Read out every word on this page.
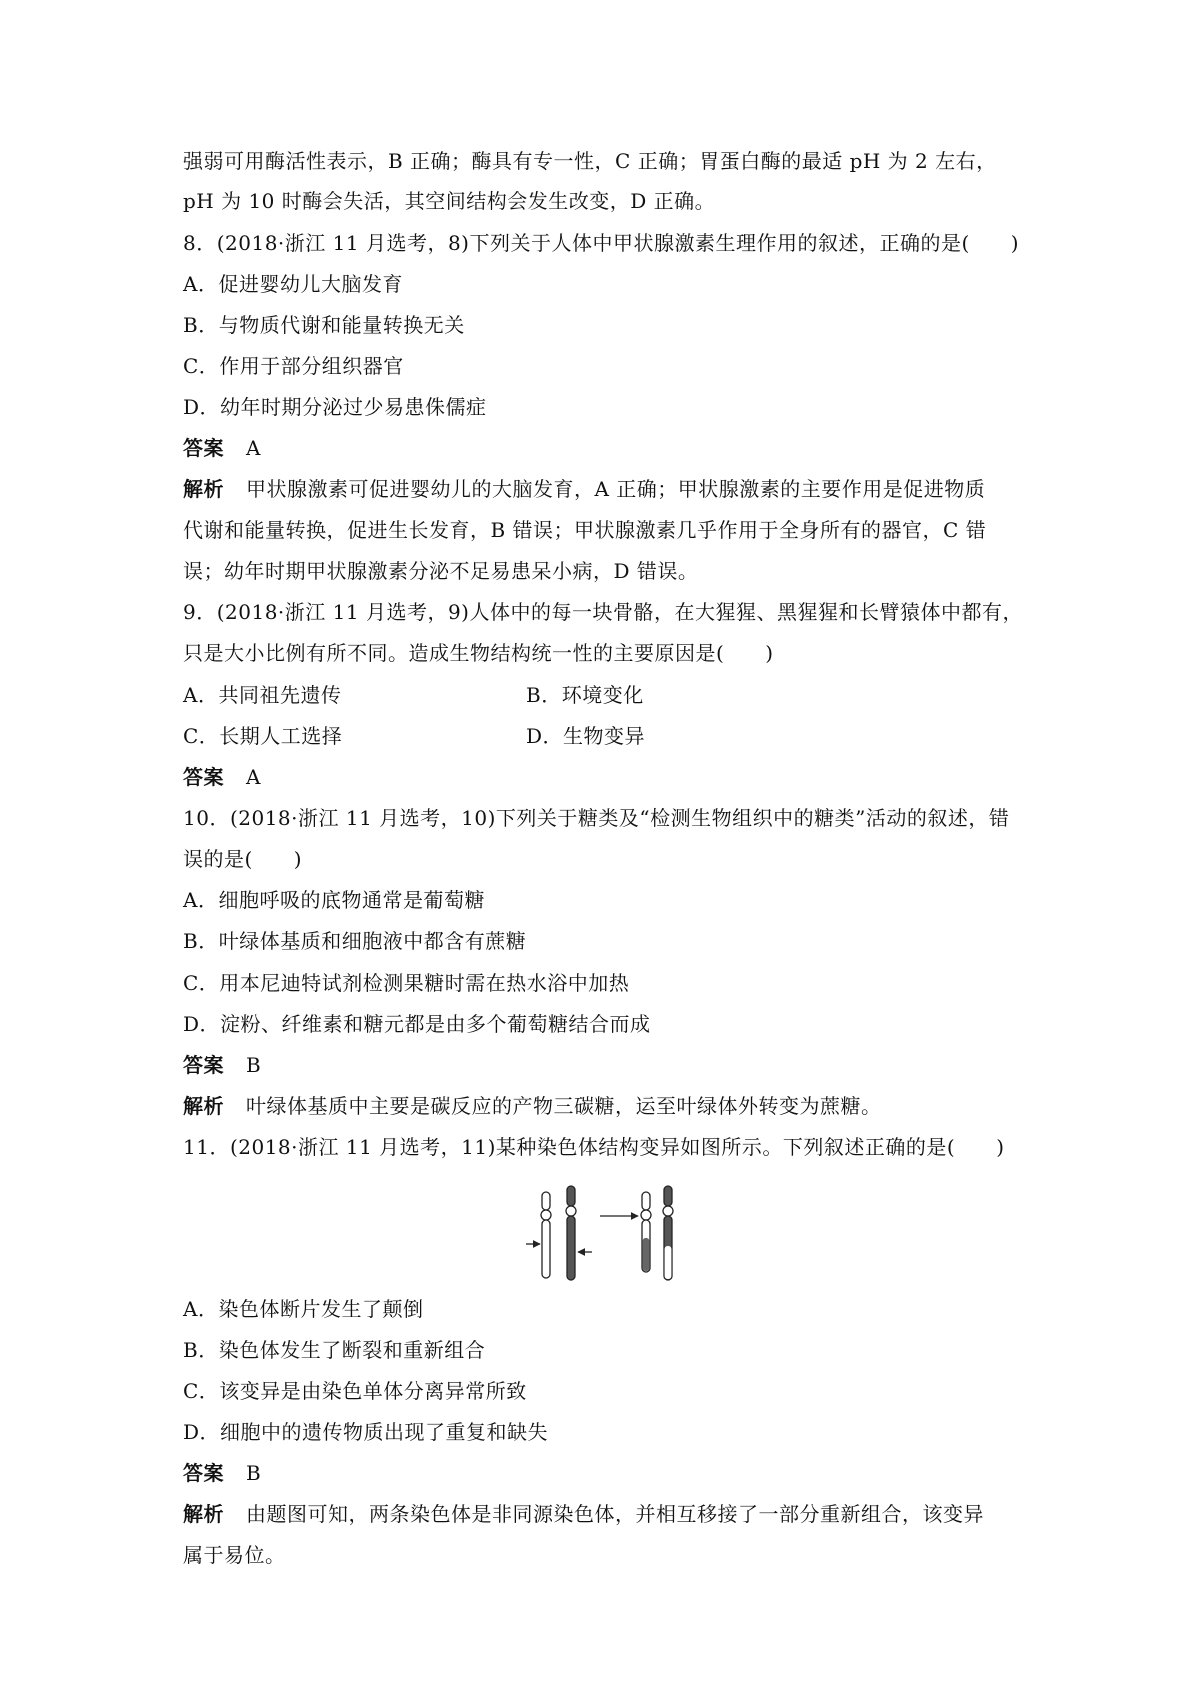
强弱可用酶活性表示，B 正确；酶具有专一性，C 正确；胃蛋白酶的最适 pH 为 2 左右，
pH 为 10 时酶会失活，其空间结构会发生改变，D 正确。
8．(2018·浙江 11 月选考，8)下列关于人体中甲状腺激素生理作用的叙述，正确的是(　　)
A．促进婴幼儿大脑发育
B．与物质代谢和能量转换无关
C．作用于部分组织器官
D．幼年时期分泌过少易患侏儒症
答案 A
解析 甲状腺激素可促进婴幼儿的大脑发育，A 正确；甲状腺激素的主要作用是促进物质
代谢和能量转换，促进生长发育，B 错误；甲状腺激素几乎作用于全身所有的器官，C 错
误；幼年时期甲状腺激素分泌不足易患呆小病，D 错误。
9．(2018·浙江 11 月选考，9)人体中的每一块骨骼，在大猩猩、黑猩猩和长臂猿体中都有，
只是大小比例有所不同。造成生物结构统一性的主要原因是(　　)
A．共同祖先遗传	B．环境变化
C．长期人工选择	D．生物变异
答案 A
10．(2018·浙江 11 月选考，10)下列关于糖类及“检测生物组织中的糖类”活动的叙述，错
误的是(　　)
A．细胞呼吸的底物通常是葡萄糖
B．叶绿体基质和细胞液中都含有蔗糖
C．用本尼迪特试剂检测果糖时需在热水浴中加热
D．淀粉、纤维素和糖元都是由多个葡萄糖结合而成
答案 B
解析 叶绿体基质中主要是碳反应的产物三碳糖，运至叶绿体外转变为蔗糖。
11．(2018·浙江 11 月选考，11)某种染色体结构变异如图所示。下列叙述正确的是(　　)
A．染色体断片发生了颠倒
B．染色体发生了断裂和重新组合
C．该变异是由染色单体分离异常所致
D．细胞中的遗传物质出现了重复和缺失
答案 B
解析 由题图可知，两条染色体是非同源染色体，并相互移接了一部分重新组合，该变异
属于易位。
